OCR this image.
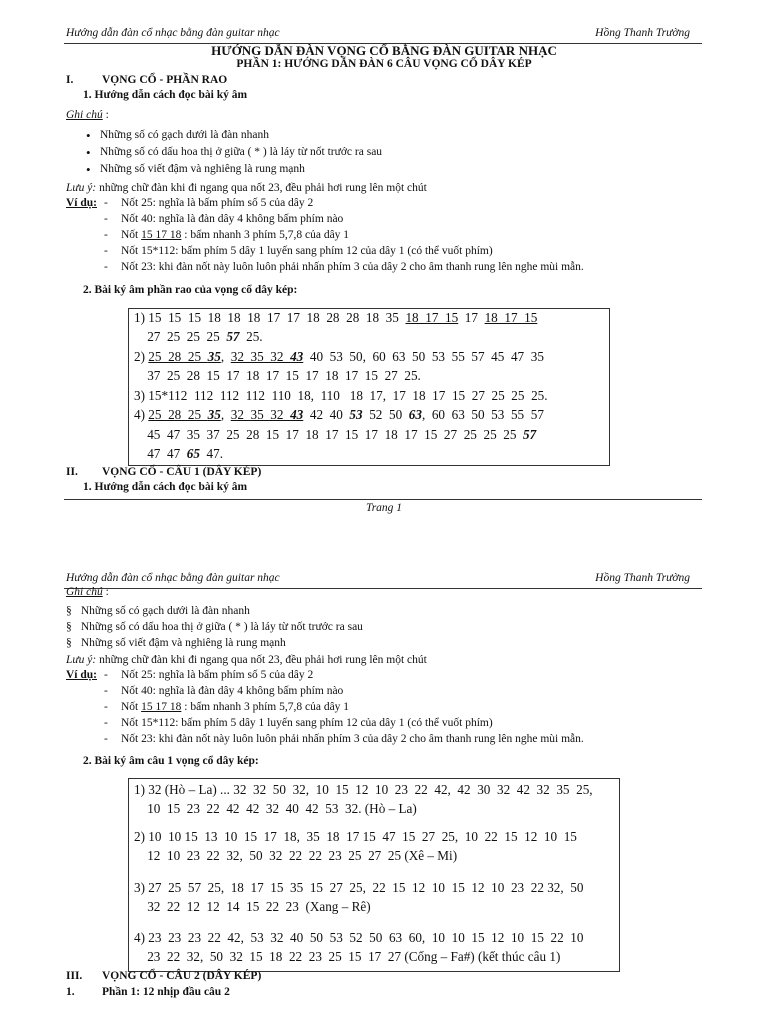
Hướng dẫn đàn cổ nhạc bằng đàn guitar nhạc	Hồng Thanh Trường
HƯỚNG DẪN ĐÀN VỌNG CỔ BẰNG ĐÀN GUITAR NHẠC
PHẦN 1: HƯỚNG DẪN ĐÀN 6 CÂU VỌNG CỔ DÂY KÉP
I. VỌNG CỔ - PHẦN RAO
1. Hướng dẫn cách đọc bài ký âm
Ghi chú :
• Những số có gạch dưới là đàn nhanh
• Những số có dấu hoa thị ở giữa ( * ) là láy từ nốt trước ra sau
• Những số viết đậm và nghiêng là rung mạnh
Lưu ý: những chữ đàn khi đi ngang qua nốt 23, đều phải hơi rung lên một chút
Ví dụ: - Nốt 25: nghĩa là bấm phím số 5 của dây 2
- Nốt 40: nghĩa là đàn dây 4 không bấm phím nào
- Nốt 15 17 18 : bấm nhanh 3 phím 5,7,8 của dây 1
- Nốt 15*112: bấm phím 5 dây 1 luyến sang phím 12 của dây 1 (có thể vuốt phím)
- Nốt 23: khi đàn nốt này luôn luôn phải nhấn phím 3 của dây 2 cho âm thanh rung lên nghe mùi mẫn.
2. Bài ký âm phần rao của vọng cổ dây kép:
1) 15  15  15  18  18  18  17  17  18  28  28  18  35  18  17  15  17  18  17  15
27  25  25  25  57  25.
2) 25  28  25  35,  32  35  32  43  40  53  50,  60  63  50  53  55  57  45  47  35
37  25  28  15  17  18  17  15  17  18  17  15  27  25.
3) 15*112  112  112  112  110  18,  110   18  17,  17  18  17  15  27  25  25  25.
4) 25  28  25  35,  32  35  32  43  42  40  53  52  50  63,  60  63  50  53  55  57
45  47  35  37  25  28  15  17  18  17  15  17  18  17  15  27  25  25  25  57
47  47  65  47.
II. VỌNG CỔ - CÂU 1 (DÂY KÉP)
1. Hướng dẫn cách đọc bài ký âm
Trang 1
Hướng dẫn đàn cổ nhạc bằng đàn guitar nhạc	Hồng Thanh Trường
Ghi chú :
§ Những số có gạch dưới là đàn nhanh
§ Những số có dấu hoa thị ở giữa ( * ) là láy từ nốt trước ra sau
§ Những số viết đậm và nghiêng là rung mạnh
Lưu ý: những chữ đàn khi đi ngang qua nốt 23, đều phải hơi rung lên một chút
Ví dụ: - Nốt 25: nghĩa là bấm phím số 5 của dây 2
- Nốt 40: nghĩa là đàn dây 4 không bấm phím nào
- Nốt 15 17 18 : bấm nhanh 3 phím 5,7,8 của dây 1
- Nốt 15*112: bấm phím 5 dây 1 luyến sang phím 12 của dây 1 (có thể vuốt phím)
- Nốt 23: khi đàn nốt này luôn luôn phải nhấn phím 3 của dây 2 cho âm thanh rung lên nghe mùi mẫn.
2. Bài ký âm câu 1 vọng cổ dây kép:
1) 32 (Hò – La) ... 32  32  50  32,  10  15  12  10  23  22  42,  42  30  32  42  32  35  25,
10  15  23  22  42  42  32  40  42  53  32. (Hò – La)
2) 10  10 15  13  10  15  17  18,  35  18  17 15  47  15  27  25,  10  22  15  12  10  15
12  10  23  22  32,  50  32  22  22  23  25  27  25 (Xê – Mi)
3) 27  25  57  25,  18  17  15  35  15  27  25,  22  15  12  10  15  12  10  23  22 32,  50
32  22  12  12  14  15  22  23  (Xang – Rê)
4) 23  23  23  22  42,  53  32  40  50  53  52  50  63  60,  10  10  15  12  10  15  22  10
23  22  32,  50  32  15  18  22  23  25  15  17  27 (Cống – Fa#) (kết thúc câu 1)
III. VỌNG CỔ - CÂU 2 (DÂY KÉP)
1. Phần 1: 12 nhịp đầu câu 2
